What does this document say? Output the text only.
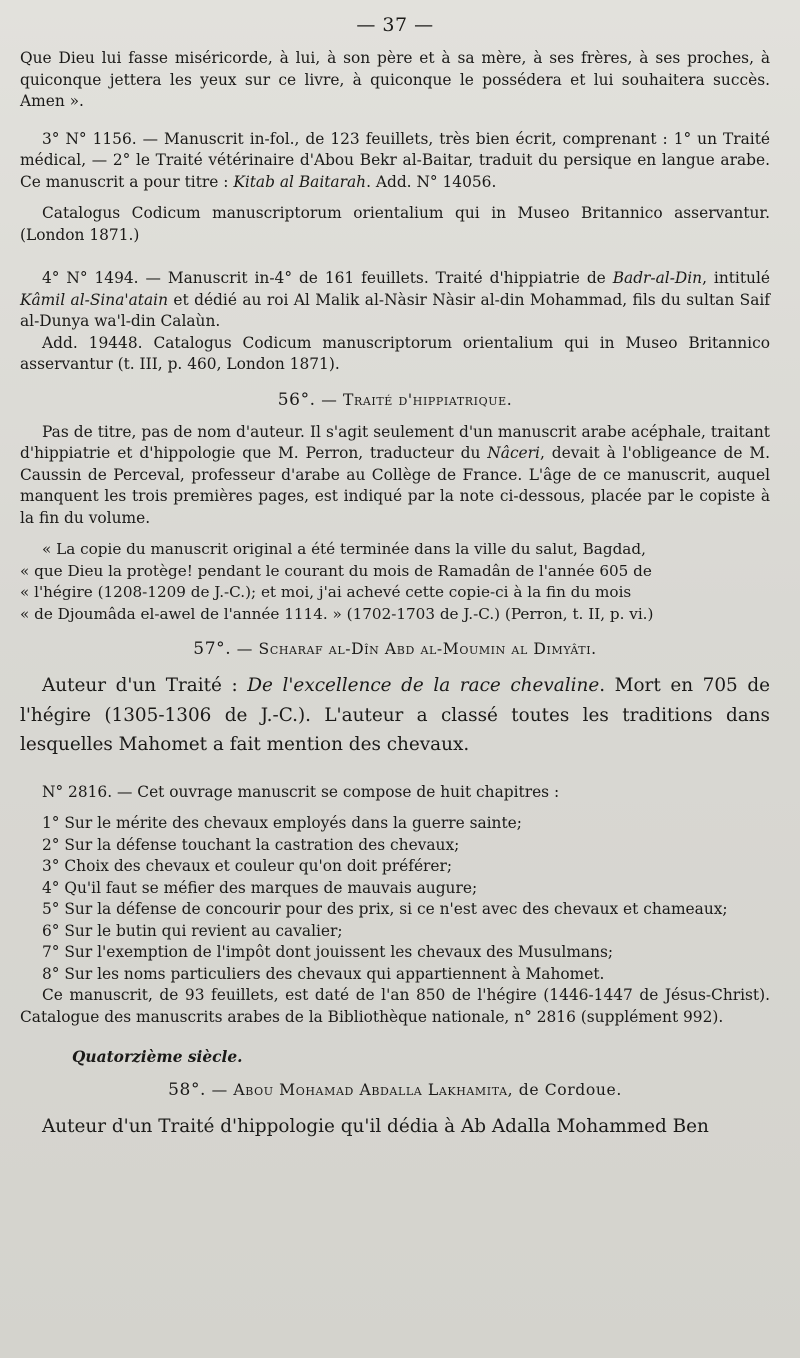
— 37 —

Que Dieu lui fasse miséricorde, à lui, à son père et à sa mère, à ses frères, à ses proches, à quiconque jettera les yeux sur ce livre, à quiconque le possédera et lui souhaitera succès. Amen ».

3° N° 1156. — Manuscrit in-fol., de 123 feuillets, très bien écrit, comprenant : 1° un Traité médical, — 2° le Traité vétérinaire d'Abou Bekr al-Baitar, traduit du persique en langue arabe. Ce manuscrit a pour titre : Kitab al Baitarah. Add. N° 14056.

Catalogus Codicum manuscriptorum orientalium qui in Museo Britannico asservantur. (London 1871.)

4° N° 1494. — Manuscrit in-4° de 161 feuillets. Traité d'hippiatrie de Badr-al-Din, intitulé Kâmil al-Sina'atain et dédié au roi Al Malik al-Nàsir Nàsir al-din Mohammad, fils du sultan Saif al-Dunya wa'l-din Calaùn.

Add. 19448. Catalogus Codicum manuscriptorum orientalium qui in Museo Britannico asservantur (t. III, p. 460, London 1871).

56°. — Traité d'hippiatrique.

Pas de titre, pas de nom d'auteur. Il s'agit seulement d'un manuscrit arabe acéphale, traitant d'hippiatrie et d'hippologie que M. Perron, traducteur du Nâceri, devait à l'obligeance de M. Caussin de Perceval, professeur d'arabe au Collège de France. L'âge de ce manuscrit, auquel manquent les trois premières pages, est indiqué par la note ci-dessous, placée par le copiste à la fin du volume.

« La copie du manuscrit original a été terminée dans la ville du salut, Bagdad,

« que Dieu la protège! pendant le courant du mois de Ramadân de l'année 605 de

« l'hégire (1208-1209 de J.-C.); et moi, j'ai achevé cette copie-ci à la fin du mois

« de Djoumâda el-awel de l'année 1114. » (1702-1703 de J.-C.) (Perron, t. II, p. vi.)

57°. — Scharaf al-Dîn Abd al-Moumin al Dimyâti.

Auteur d'un Traité : De l'excellence de la race chevaline. Mort en 705 de l'hégire (1305-1306 de J.-C.). L'auteur a classé toutes les traditions dans lesquelles Mahomet a fait mention des chevaux.

N° 2816. — Cet ouvrage manuscrit se compose de huit chapitres :

1° Sur le mérite des chevaux employés dans la guerre sainte;

2° Sur la défense touchant la castration des chevaux;

3° Choix des chevaux et couleur qu'on doit préférer;

4° Qu'il faut se méfier des marques de mauvais augure;

5° Sur la défense de concourir pour des prix, si ce n'est avec des chevaux et chameaux;

6° Sur le butin qui revient au cavalier;

7° Sur l'exemption de l'impôt dont jouissent les chevaux des Musulmans;

8° Sur les noms particuliers des chevaux qui appartiennent à Mahomet.

Ce manuscrit, de 93 feuillets, est daté de l'an 850 de l'hégire (1446-1447 de Jésus-Christ). Catalogue des manuscrits arabes de la Bibliothèque nationale, n° 2816 (supplément 992).

Quatorzième siècle.
58°. — Abou Mohamad Abdalla Lakhamita, de Cordoue.

Auteur d'un Traité d'hippologie qu'il dédia à Ab Adalla Mohammed Ben
